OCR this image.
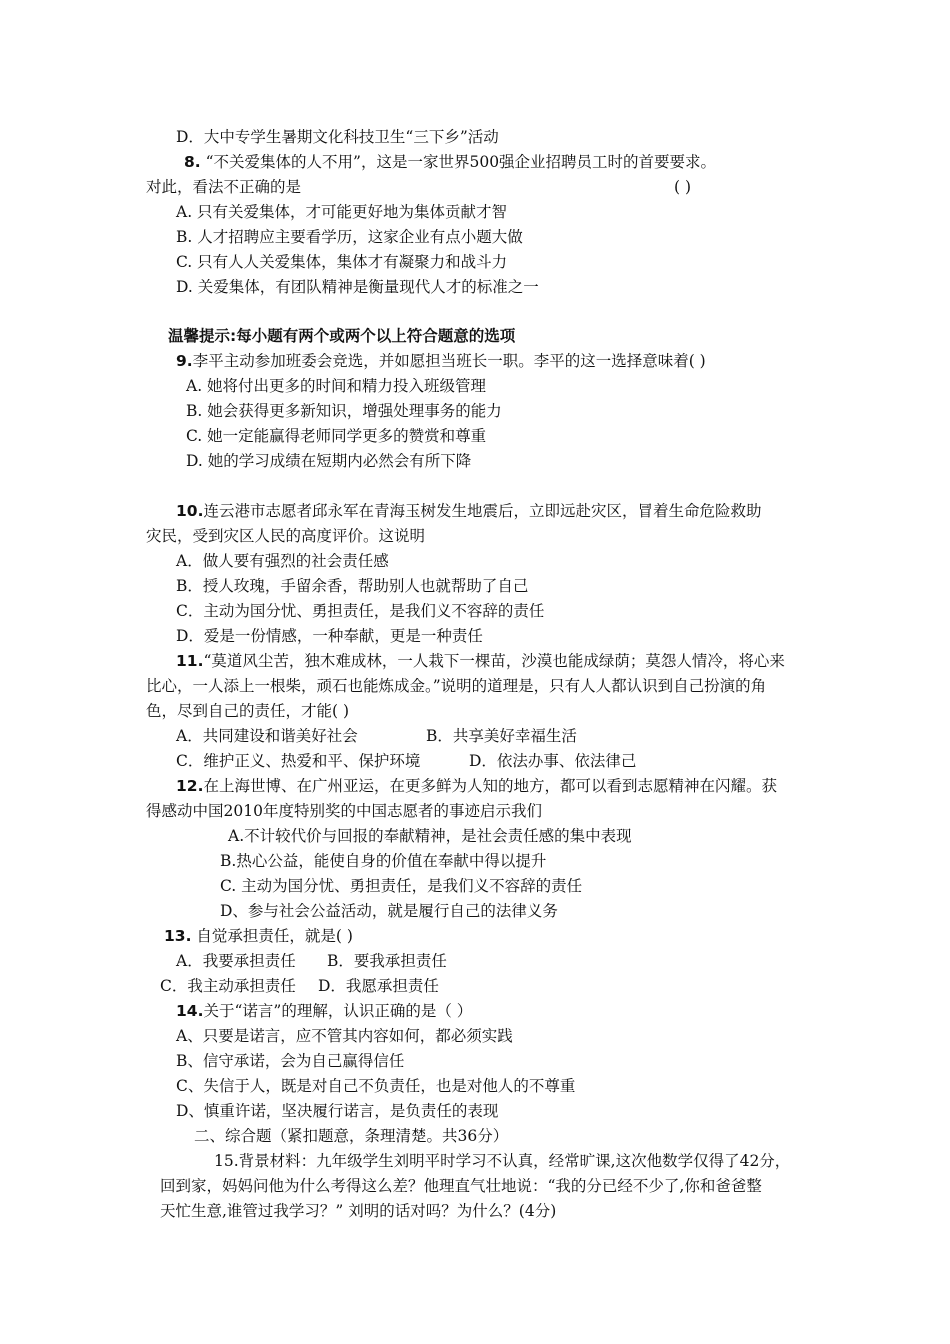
D．大中专学生暑期文化科技卫生“三下乡”活动
8. “不关爱集体的人不用”，这是一家世界500强企业招聘员工时的首要要求。
对此，看法不正确的是	( )
A. 只有关爱集体，才可能更好地为集体贡献才智
B. 人才招聘应主要看学历，这家企业有点小题大做
C. 只有人人关爱集体，集体才有凝聚力和战斗力
D. 关爱集体，有团队精神是衡量现代人才的标准之一
温馨提示:每小题有两个或两个以上符合题意的选项
9.李平主动参加班委会竞选，并如愿担当班长一职。李平的这一选择意味着( )
A. 她将付出更多的时间和精力投入班级管理
B. 她会获得更多新知识，增强处理事务的能力
C. 她一定能赢得老师同学更多的赞赏和尊重
D. 她的学习成绩在短期内必然会有所下降
10.连云港市志愿者邱永军在青海玉树发生地震后，立即远赴灾区，冒着生命危险救助
灾民，受到灾区人民的高度评价。这说明
A．做人要有强烈的社会责任感
B．授人玫瑰，手留余香，帮助别人也就帮助了自己
C．主动为国分忧、勇担责任，是我们义不容辞的责任
D．爱是一份情感，一种奉献，更是一种责任
11.“莫道风尘苦，独木难成林，一人栽下一棵苗，沙漠也能成绿荫；莫怨人情冷，将心来
比心，一人添上一根柴，顽石也能炼成金。”说明的道理是，只有人人都认识到自己扮演的角
色，尽到自己的责任，才能( )
A．共同建设和谐美好社会	B．共享美好幸福生活
C．维护正义、热爱和平、保护环境	D．依法办事、依法律己
12.在上海世博、在广州亚运，在更多鲜为人知的地方，都可以看到志愿精神在闪耀。获
得感动中国2010年度特别奖的中国志愿者的事迹启示我们
A.不计较代价与回报的奉献精神，是社会责任感的集中表现
B.热心公益，能使自身的价值在奉献中得以提升
C. 主动为国分忧、勇担责任，是我们义不容辞的责任
D、参与社会公益活动，就是履行自己的法律义务
13. 自觉承担责任，就是( )
A．我要承担责任 B．要我承担责任
C．我主动承担责任 D．我愿承担责任
14.关于“诺言”的理解，认识正确的是（ ）
A、只要是诺言，应不管其内容如何，都必须实践
B、信守承诺，会为自己赢得信任
C、失信于人，既是对自己不负责任，也是对他人的不尊重
D、慎重许诺，坚决履行诺言，是负责任的表现
二、综合题（紧扣题意，条理清楚。共36分）
15.背景材料：九年级学生刘明平时学习不认真，经常旷课,这次他数学仅得了42分，
回到家，妈妈问他为什么考得这么差？他理直气壮地说：“我的分已经不少了,你和爸爸整
天忙生意,谁管过我学习？” 刘明的话对吗？为什么？(4分)
